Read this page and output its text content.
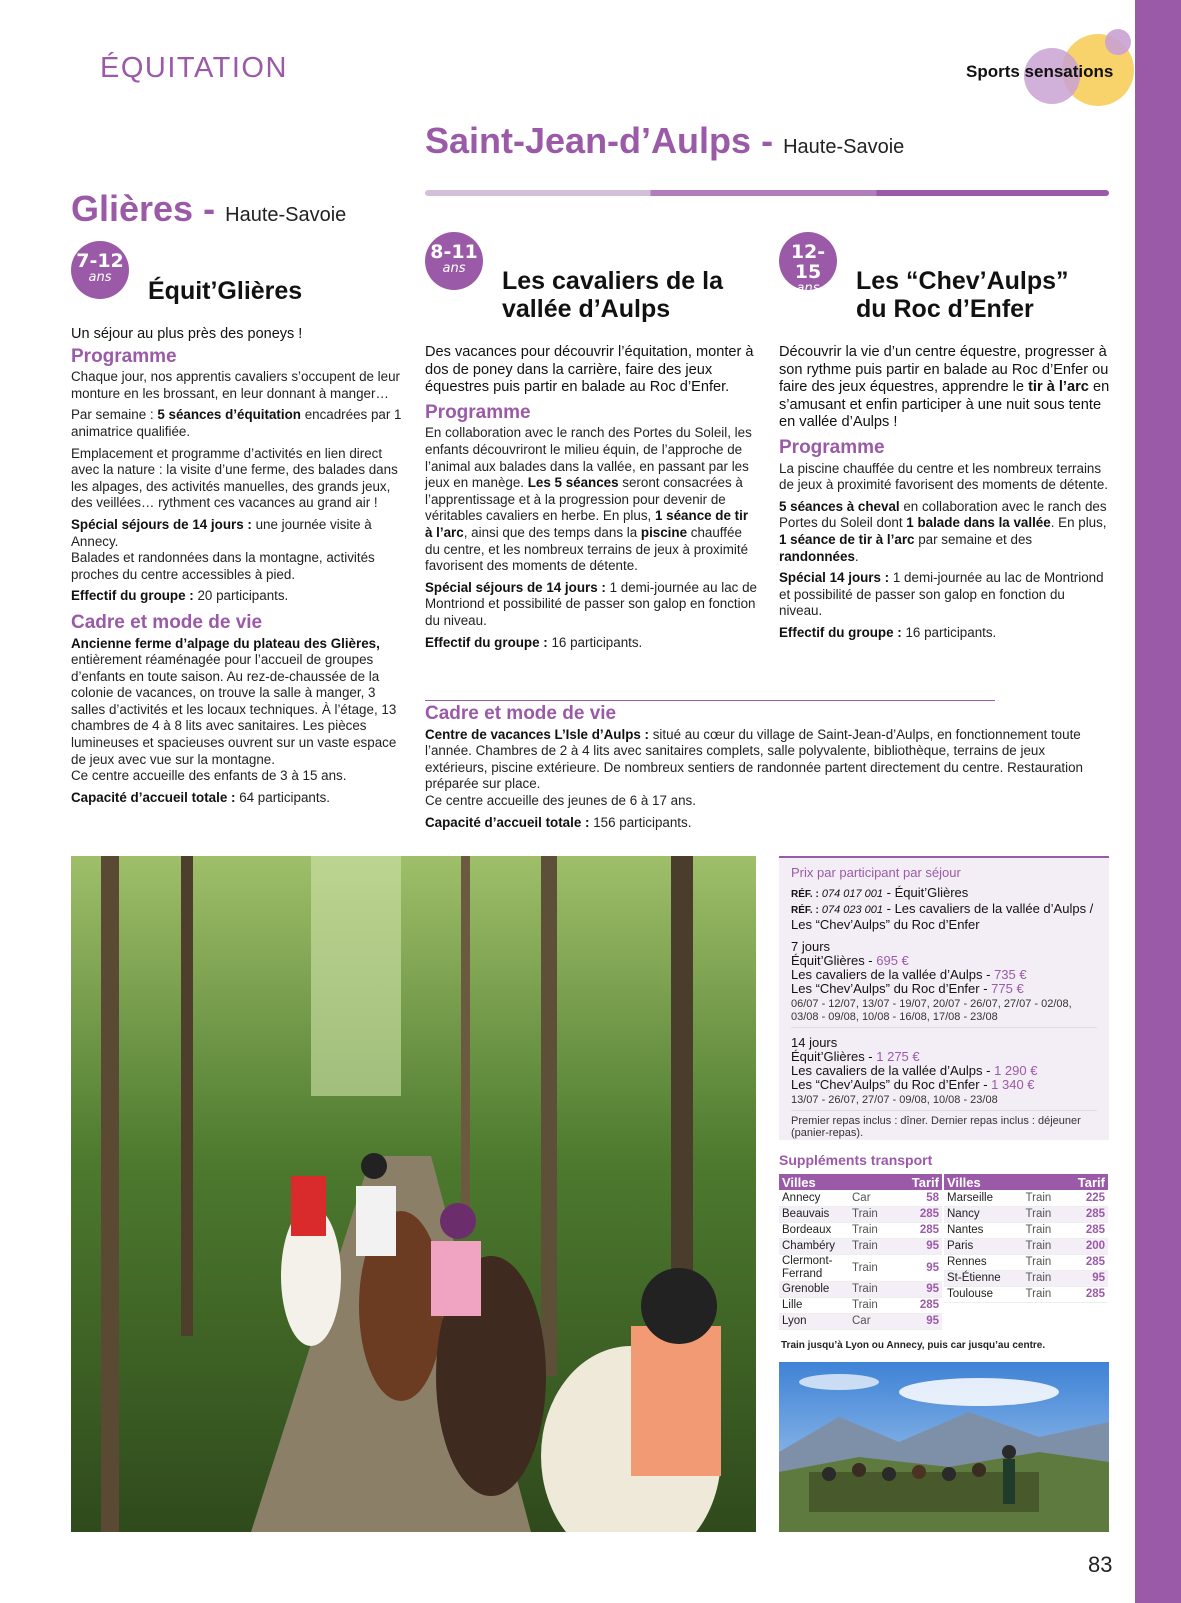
ÉQUITATION	Sports sensations
Saint-Jean-d’Aulps - Haute-Savoie
Glières - Haute-Savoie
7-12
ans	Équit’Glières
8-11
ans	Les cavaliers de la
vallée d’Aulps
12-15
ans	Les “Chev’Aulps”
du Roc d’Enfer

Un séjour au plus près des poneys !

Programme

Chaque jour, nos apprentis cavaliers s’occupent de leur monture en les brossant, en leur donnant à manger…

Par semaine : 5 séances d’équitation encadrées par 1 animatrice qualifiée.

Emplacement et programme d’activités en lien direct avec la nature : la visite d’une ferme, des balades dans les alpages, des activités manuelles, des grands jeux, des veillées… rythment ces vacances au grand air !

Spécial séjours de 14 jours : une journée visite à Annecy.

Balades et randonnées dans la montagne, activités proches du centre accessibles à pied.

Effectif du groupe : 20 participants.

Cadre et mode de vie

Ancienne ferme d’alpage du plateau des Glières, entièrement réaménagée pour l’accueil de groupes d’enfants en toute saison. Au rez-de-chaussée de la colonie de vacances, on trouve la salle à manger, 3 salles d’activités et les locaux techniques. À l’étage, 13 chambres de 4 à 8 lits avec sanitaires. Les pièces lumineuses et spacieuses ouvrent sur un vaste espace de jeux avec vue sur la montagne.

Ce centre accueille des enfants de 3 à 15 ans.

Capacité d’accueil totale : 64 participants.

Des vacances pour découvrir l’équitation, monter à dos de poney dans la carrière, faire des jeux équestres puis partir en balade au Roc d’Enfer.

Programme

En collaboration avec le ranch des Portes du Soleil, les enfants découvriront le milieu équin, de l’approche de l’animal aux balades dans la vallée, en passant par les jeux en manège. Les 5 séances seront consacrées à l’apprentissage et à la progression pour devenir de véritables cavaliers en herbe. En plus, 1 séance de tir à l’arc, ainsi que des temps dans la piscine chauffée du centre, et les nombreux terrains de jeux à proximité favorisent des moments de détente.

Spécial séjours de 14 jours : 1 demi-journée au lac de Montriond et possibilité de passer son galop en fonction du niveau.

Effectif du groupe : 16 participants.

Découvrir la vie d’un centre équestre, progresser à son rythme puis partir en balade au Roc d’Enfer ou faire des jeux équestres, apprendre le tir à l’arc en s’amusant et enfin participer à une nuit sous tente en vallée d’Aulps !

Programme

La piscine chauffée du centre et les nombreux terrains de jeux à proximité favorisent des moments de détente.

5 séances à cheval en collaboration avec le ranch des Portes du Soleil dont 1 balade dans la vallée. En plus, 1 séance de tir à l’arc par semaine et des randonnées.

Spécial 14 jours : 1 demi-journée au lac de Montriond et possibilité de passer son galop en fonction du niveau.

Effectif du groupe : 16 participants.

Cadre et mode de vie

Centre de vacances L’Isle d’Aulps : situé au cœur du village de Saint-Jean-d’Aulps, en fonctionnement toute l’année. Chambres de 2 à 4 lits avec sanitaires complets, salle polyvalente, bibliothèque, terrains de jeux extérieurs, piscine extérieure. De nombreux sentiers de randonnée partent directement du centre. Restauration préparée sur place.

Ce centre accueille des jeunes de 6 à 17 ans.

Capacité d’accueil totale : 156 participants.

Prix par participant par séjour
RÉF. : 074 017 001 - Équit’Glières
RÉF. : 074 023 001 - Les cavaliers de la vallée d’Aulps / Les “Chev’Aulps” du Roc d’Enfer
7 jours
Équit’Glières - 695 €
Les cavaliers de la vallée d’Aulps - 735 €
Les “Chev’Aulps” du Roc d’Enfer - 775 €
06/07 - 12/07, 13/07 - 19/07, 20/07 - 26/07, 27/07 - 02/08, 03/08 - 09/08, 10/08 - 16/08, 17/08 - 23/08
14 jours
Équit’Glières - 1 275 €
Les cavaliers de la vallée d’Aulps - 1 290 €
Les “Chev’Aulps” du Roc d’Enfer - 1 340 €
13/07 - 26/07, 27/07 - 09/08, 10/08 - 23/08
Premier repas inclus : dîner. Dernier repas inclus : déjeuner (panier-repas).
Suppléments transport
Villes		Tarif
Annecy	Car	58
Beauvais	Train	285
Bordeaux	Train	285
Chambéry	Train	95
Clermont-Ferrand	Train	95
Grenoble	Train	95
Lille	Train	285
Lyon	Car	95
Villes		Tarif
Marseille	Train	225
Nancy	Train	285
Nantes	Train	285
Paris	Train	200
Rennes	Train	285
St-Étienne	Train	95
Toulouse	Train	285
Train jusqu’à Lyon ou Annecy, puis car jusqu’au centre.
83
